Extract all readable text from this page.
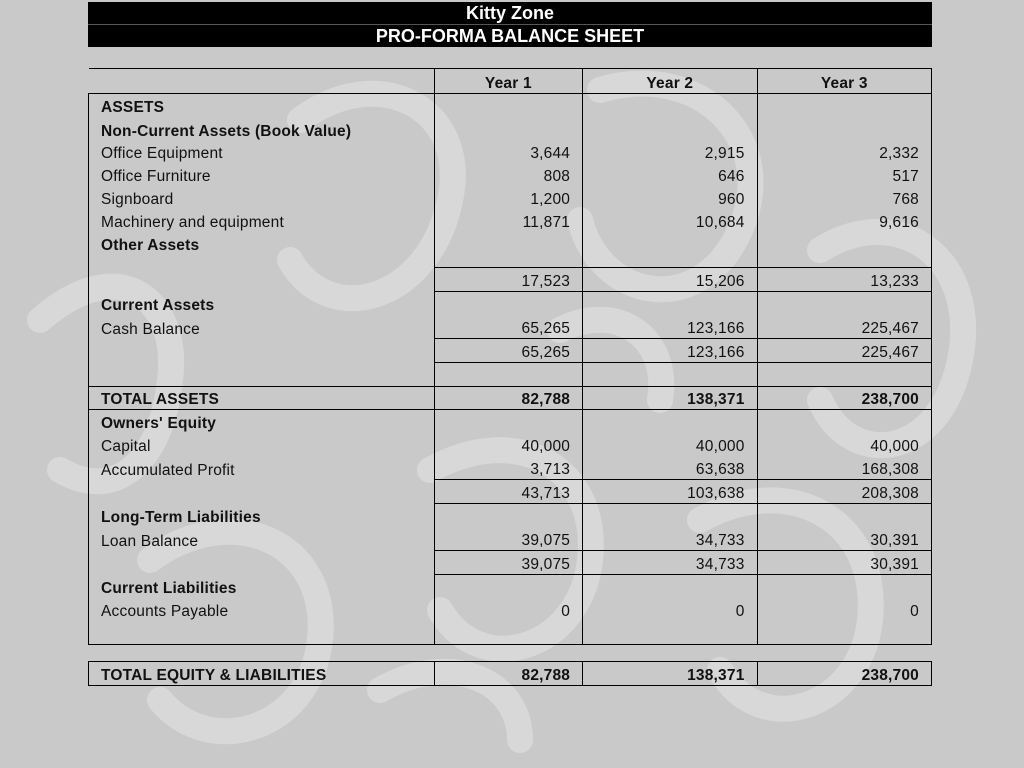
Kitty Zone
PRO-FORMA BALANCE SHEET
	Year 1	Year 2	Year 3
ASSETS			
Non-Current Assets (Book Value)			
Office Equipment	3,644	2,915	2,332
Office Furniture	808	646	517
Signboard	1,200	960	768
Machinery and equipment	11,871	10,684	9,616
Other Assets			

	17,523	15,206	13,233
Current Assets			
Cash Balance	65,265	123,166	225,467
	65,265	123,166	225,467

TOTAL ASSETS	82,788	138,371	238,700
Owners' Equity			
Capital	40,000	40,000	40,000
Accumulated Profit	3,713	63,638	168,308
	43,713	103,638	208,308
Long-Term Liabilities			
Loan Balance	39,075	34,733	30,391
	39,075	34,733	30,391
Current Liabilities			
Accounts Payable	0	0	0

TOTAL EQUITY & LIABILITIES	82,788	138,371	238,700
